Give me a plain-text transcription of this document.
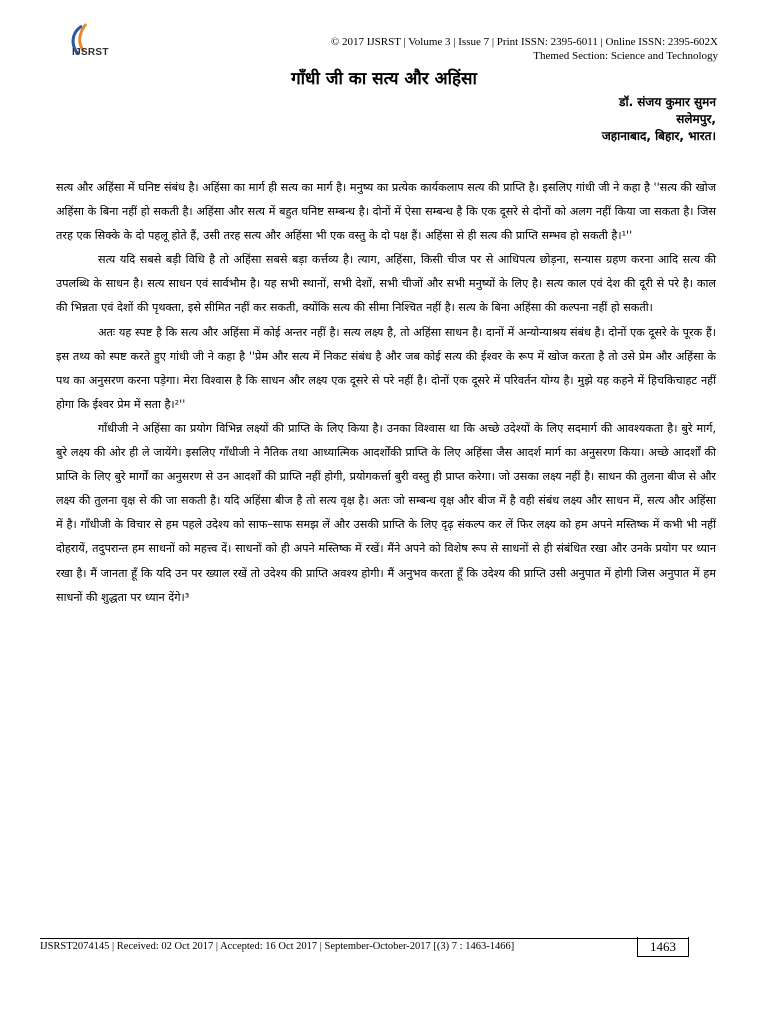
IJSRST
© 2017 IJSRST | Volume 3 | Issue 7 | Print ISSN: 2395-6011 | Online ISSN: 2395-602X
Themed Section: Science and Technology
गाँधी जी का सत्य और अहिंसा
डॉ. संजय कुमार सुमन
सलेमपुर,
जहानाबाद, बिहार, भारत।

सत्य और अहिंसा में घनिष्ट संबंध है। अहिंसा का मार्ग ही सत्य का मार्ग है। मनुष्य का प्रत्येक कार्यकलाप सत्य की प्राप्ति है। इसलिए गांधी जी ने कहा है ''सत्य की खोज अहिंसा के बिना नहीं हो सकती है। अहिंसा और सत्य में बहुत घनिष्ट सम्बन्ध है। दोनों में ऐसा सम्बन्ध है कि एक दूसरे से दोनों को अलग नहीं किया जा सकता है। जिस तरह एक सिक्के के दो पहलू होते हैं, उसी तरह सत्य और अहिंसा भी एक वस्तु के दो पक्ष हैं। अहिंसा से ही सत्य की प्राप्ति सम्भव हो सकती है।¹''

सत्य यदि सबसे बड़ी विधि है तो अहिंसा सबसे बड़ा कर्त्तव्य है। त्याग, अहिंसा, किसी चीज पर से आधिपत्य छोड़ना, सन्यास ग्रहण करना आदि सत्य की उपलब्धि के साधन है। सत्य साधन एवं सार्वभौम है। यह सभी स्थानों, सभी देशों, सभी चीजों और सभी मनुष्यों के लिए है। सत्य काल एवं देश की दूरी से परे है। काल की भिन्नता एवं देशों की पृथक्ता, इसे सीमित नहीं कर सकती, क्योंकि सत्य की सीमा निश्चित नहीं है। सत्य के बिना अहिंसा की कल्पना नहीं हो सकती।

अतः यह स्पष्ट है कि सत्य और अहिंसा में कोई अन्तर नहीं है। सत्य लक्ष्य है, तो अहिंसा साधन है। दानों में अन्योन्याश्रय संबंध है। दोनों एक दूसरे के पूरक हैं। इस तथ्य को स्पष्ट करते हुए गांधी जी ने कहा है ''प्रेम और सत्य में निकट संबंध है और जब कोई सत्य की ईश्वर के रूप में खोज करता है तो उसे प्रेम और अहिंसा के पथ का अनुसरण करना पड़ेगा। मेरा विश्वास है कि साधन और लक्ष्य एक दूसरे से परे नहीं है। दोनों एक दूसरे में परिवर्तन योग्य है। मुझे यह कहने में हिचकिचाहट नहीं होगा कि ईश्वर प्रेम में सता है।²''

गाँधीजी ने अहिंसा का प्रयोग विभिन्न लक्ष्यों की प्राप्ति के लिए किया है। उनका विश्वास था कि अच्छे उदेश्यों के लिए सदमार्ग की आवश्यकता है। बुरे मार्ग, बुरे लक्ष्य की ओर ही ले जायेंगे। इसलिए गाँधीजी ने नैतिक तथा आध्यात्मिक आदर्शोंकी प्राप्ति के लिए अहिंसा जैस आदर्श मार्ग का अनुसरण किया। अच्छे आदर्शों की प्राप्ति के लिए बुरे मार्गों का अनुसरण से उन आदर्शों की प्राप्ति नहीं होगी, प्रयोगकर्त्ता बुरी वस्तु ही प्राप्त करेगा। जो उसका लक्ष्य नहीं है। साधन की तुलना बीज से और लक्ष्य की तुलना वृक्ष से की जा सकती है। यदि अहिंसा बीज है तो सत्य वृक्ष है। अतः जो सम्बन्ध वृक्ष और बीज में है वही संबंध लक्ष्य और साधन में, सत्य और अहिंसा में है। गाँधीजी के विचार से हम पहले उदेश्य को साफ–साफ समझ लें और उसकी प्राप्ति के लिए दृढ़ संकल्प कर लें फिर लक्ष्य को हम अपने मस्तिष्क में कभी भी नहीं दोहरायें, तदुपरान्त हम साधनों को महत्त्व दें। साधनों को ही अपने मस्तिष्क में रखें। मैंने अपने को विशेष रूप से साधनों से ही संबंधित रखा और उनके प्रयोग पर ध्यान रखा है। मैं जानता हूँ कि यदि उन पर ख्याल रखें तो उदेश्य की प्राप्ति अवश्य होगी। मैं अनुभव करता हूँ कि उदेश्य की प्राप्ति उसी अनुपात में होगी जिस अनुपात में हम साधनों की शुद्धता पर ध्यान देंगे।³

IJSRST2074145 | Received: 02 Oct 2017 | Accepted: 16 Oct 2017 | September-October-2017 [(3) 7 : 1463-1466]	1463
